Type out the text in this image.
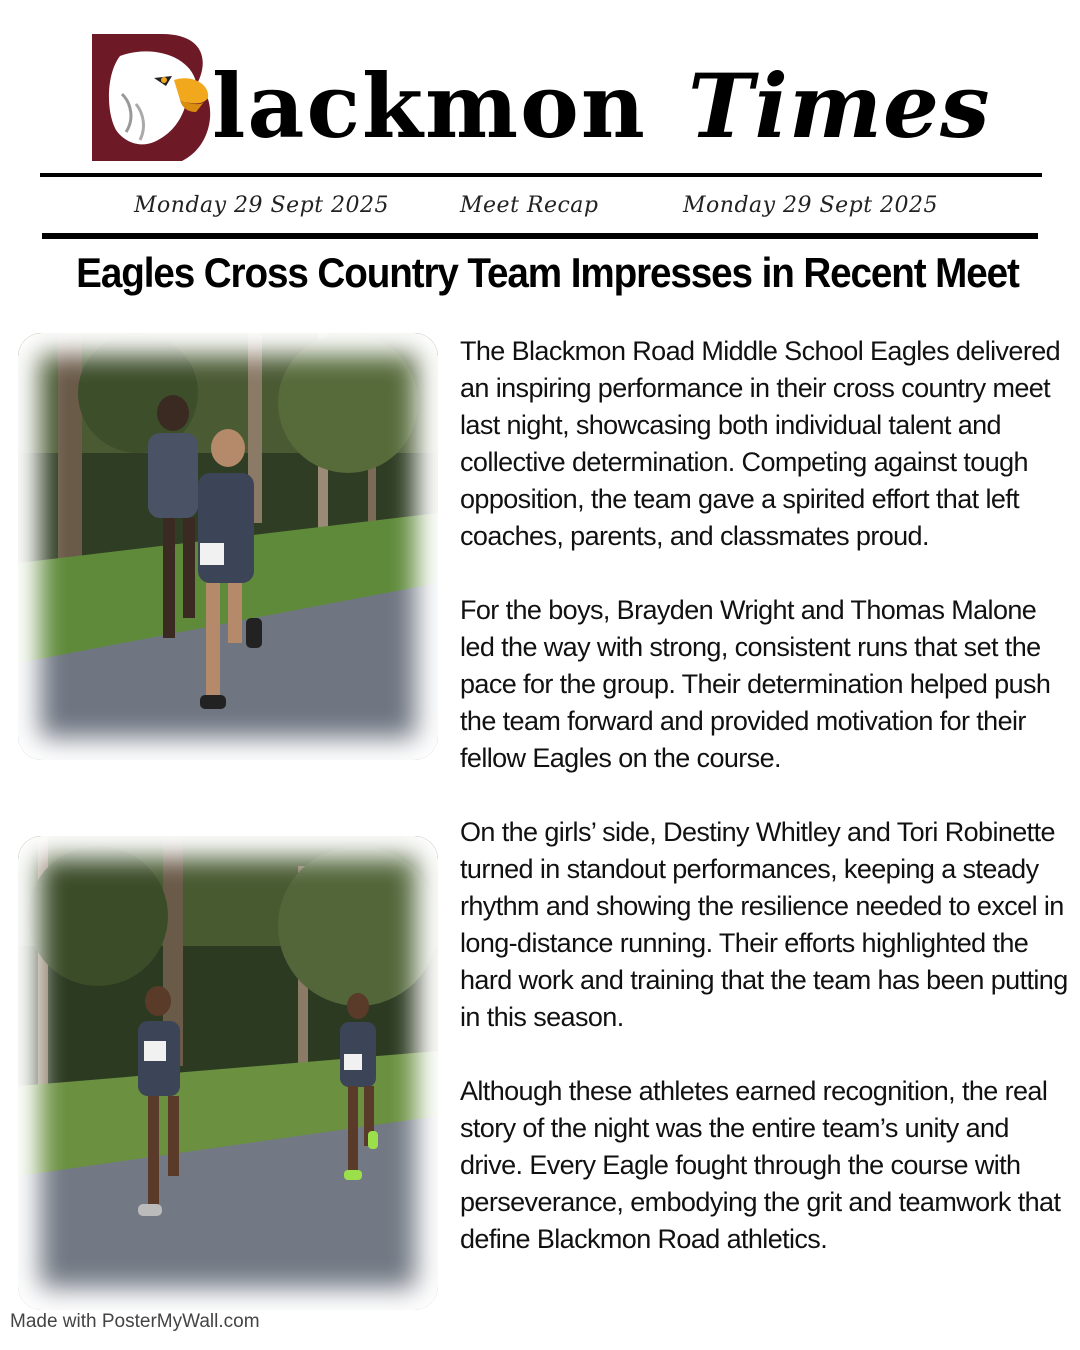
lackmon Times
Monday 29 Sept 2025	Meet Recap	Monday 29 Sept 2025
Eagles Cross Country Team Impresses in Recent Meet

The Blackmon Road Middle School Eagles delivered an inspiring performance in their cross country meet last night, showcasing both individual talent and collective determination. Competing against tough opposition, the team gave a spirited effort that left coaches, parents, and classmates proud.

For the boys, Brayden Wright and Thomas Malone led the way with strong, consistent runs that set the pace for the group. Their determination helped push the team forward and provided motivation for their fellow Eagles on the course.

On the girls’ side, Destiny Whitley and Tori Robinette turned in standout performances, keeping a steady rhythm and showing the resilience needed to excel in long-distance running. Their efforts highlighted the hard work and training that the team has been putting in this season.

Although these athletes earned recognition, the real story of the night was the entire team’s unity and drive. Every Eagle fought through the course with perseverance, embodying the grit and teamwork that define Blackmon Road athletics.

Made with PosterMyWall.com
